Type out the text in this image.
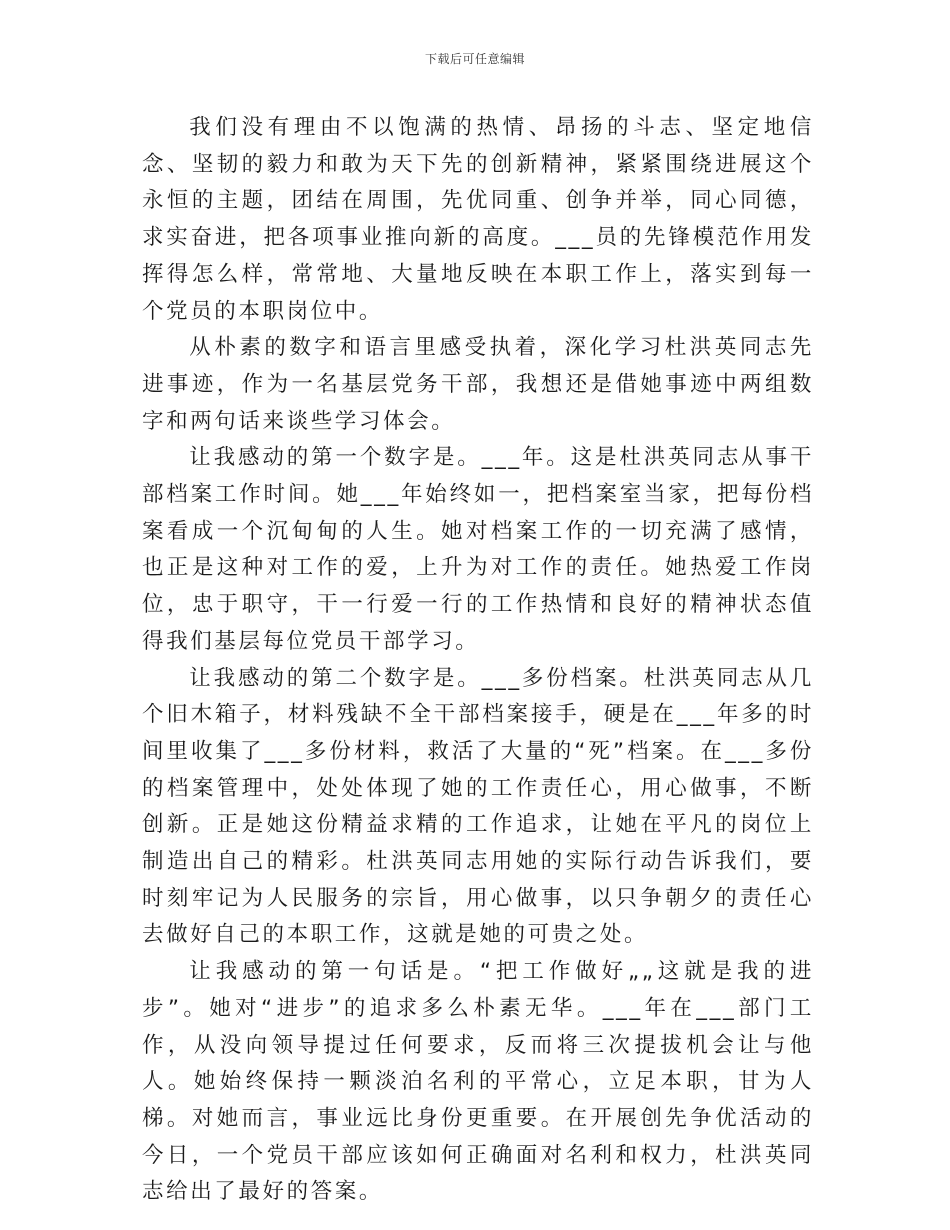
下载后可任意编辑

我们没有理由不以饱满的热情、昂扬的斗志、坚定地信念、坚韧的毅力和敢为天下先的创新精神，紧紧围绕进展这个永恒的主题，团结在周围，先优同重、创争并举，同心同德，求实奋进，把各项事业推向新的高度。___员的先锋模范作用发挥得怎么样，常常地、大量地反映在本职工作上，落实到每一个党员的本职岗位中。

从朴素的数字和语言里感受执着，深化学习杜洪英同志先进事迹，作为一名基层党务干部，我想还是借她事迹中两组数字和两句话来谈些学习体会。

让我感动的第一个数字是。___年。这是杜洪英同志从事干部档案工作时间。她___年始终如一，把档案室当家，把每份档案看成一个沉甸甸的人生。她对档案工作的一切充满了感情，也正是这种对工作的爱，上升为对工作的责任。她热爱工作岗位，忠于职守，干一行爱一行的工作热情和良好的精神状态值得我们基层每位党员干部学习。

让我感动的第二个数字是。___多份档案。杜洪英同志从几个旧木箱子，材料残缺不全干部档案接手，硬是在___年多的时间里收集了___多份材料，救活了大量的“死”档案。在___多份的档案管理中，处处体现了她的工作责任心，用心做事，不断创新。正是她这份精益求精的工作追求，让她在平凡的岗位上制造出自己的精彩。杜洪英同志用她的实际行动告诉我们，要时刻牢记为人民服务的宗旨，用心做事，以只争朝夕的责任心去做好自己的本职工作，这就是她的可贵之处。

让我感动的第一句话是。“把工作做好„„这就是我的进步”。她对“进步”的追求多么朴素无华。___年在___部门工作，从没向领导提过任何要求，反而将三次提拔机会让与他人。她始终保持一颗淡泊名利的平常心，立足本职，甘为人梯。对她而言，事业远比身份更重要。在开展创先争优活动的今日，一个党员干部应该如何正确面对名利和权力，杜洪英同志给出了最好的答案。
